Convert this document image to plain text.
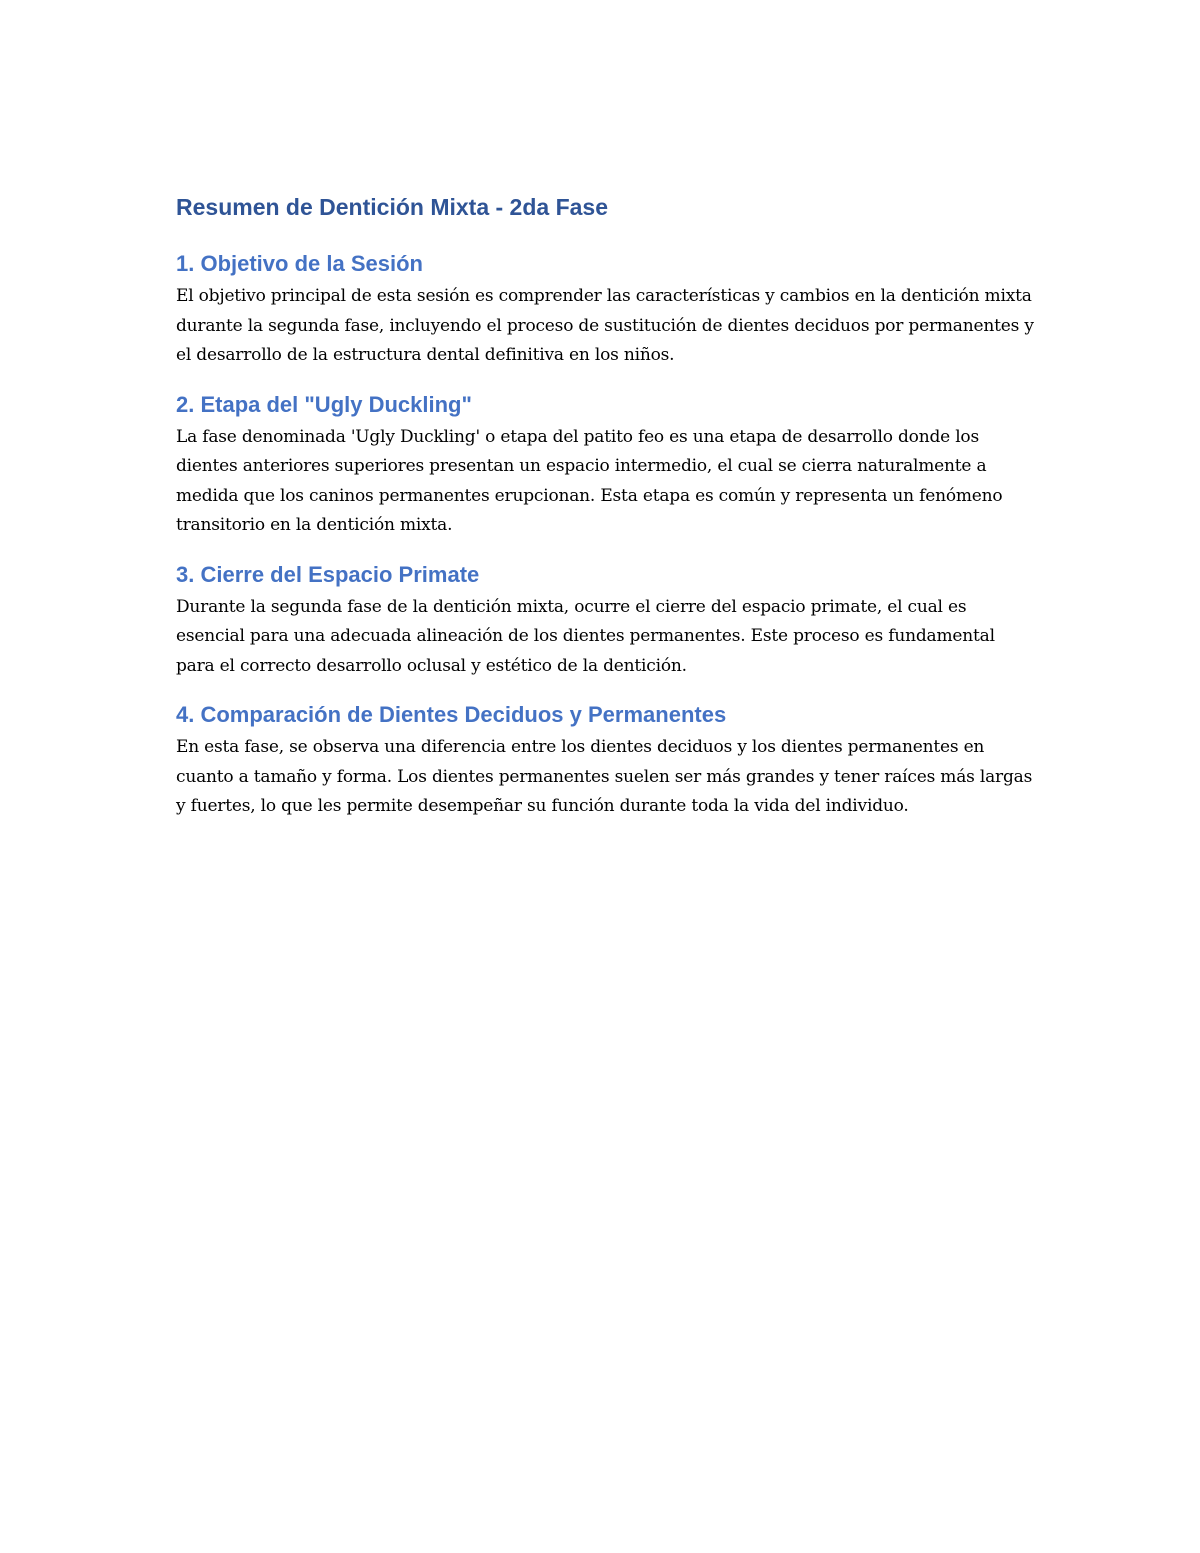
Resumen de Dentición Mixta - 2da Fase
1. Objetivo de la Sesión

El objetivo principal de esta sesión es comprender las características y cambios en la dentición mixta durante la segunda fase, incluyendo el proceso de sustitución de dientes deciduos por permanentes y el desarrollo de la estructura dental definitiva en los niños.

2. Etapa del "Ugly Duckling"

La fase denominada 'Ugly Duckling' o etapa del patito feo es una etapa de desarrollo donde los dientes anteriores superiores presentan un espacio intermedio, el cual se cierra naturalmente a medida que los caninos permanentes erupcionan. Esta etapa es común y representa un fenómeno transitorio en la dentición mixta.

3. Cierre del Espacio Primate

Durante la segunda fase de la dentición mixta, ocurre el cierre del espacio primate, el cual es esencial para una adecuada alineación de los dientes permanentes. Este proceso es fundamental para el correcto desarrollo oclusal y estético de la dentición.

4. Comparación de Dientes Deciduos y Permanentes

En esta fase, se observa una diferencia entre los dientes deciduos y los dientes permanentes en cuanto a tamaño y forma. Los dientes permanentes suelen ser más grandes y tener raíces más largas y fuertes, lo que les permite desempeñar su función durante toda la vida del individuo.
